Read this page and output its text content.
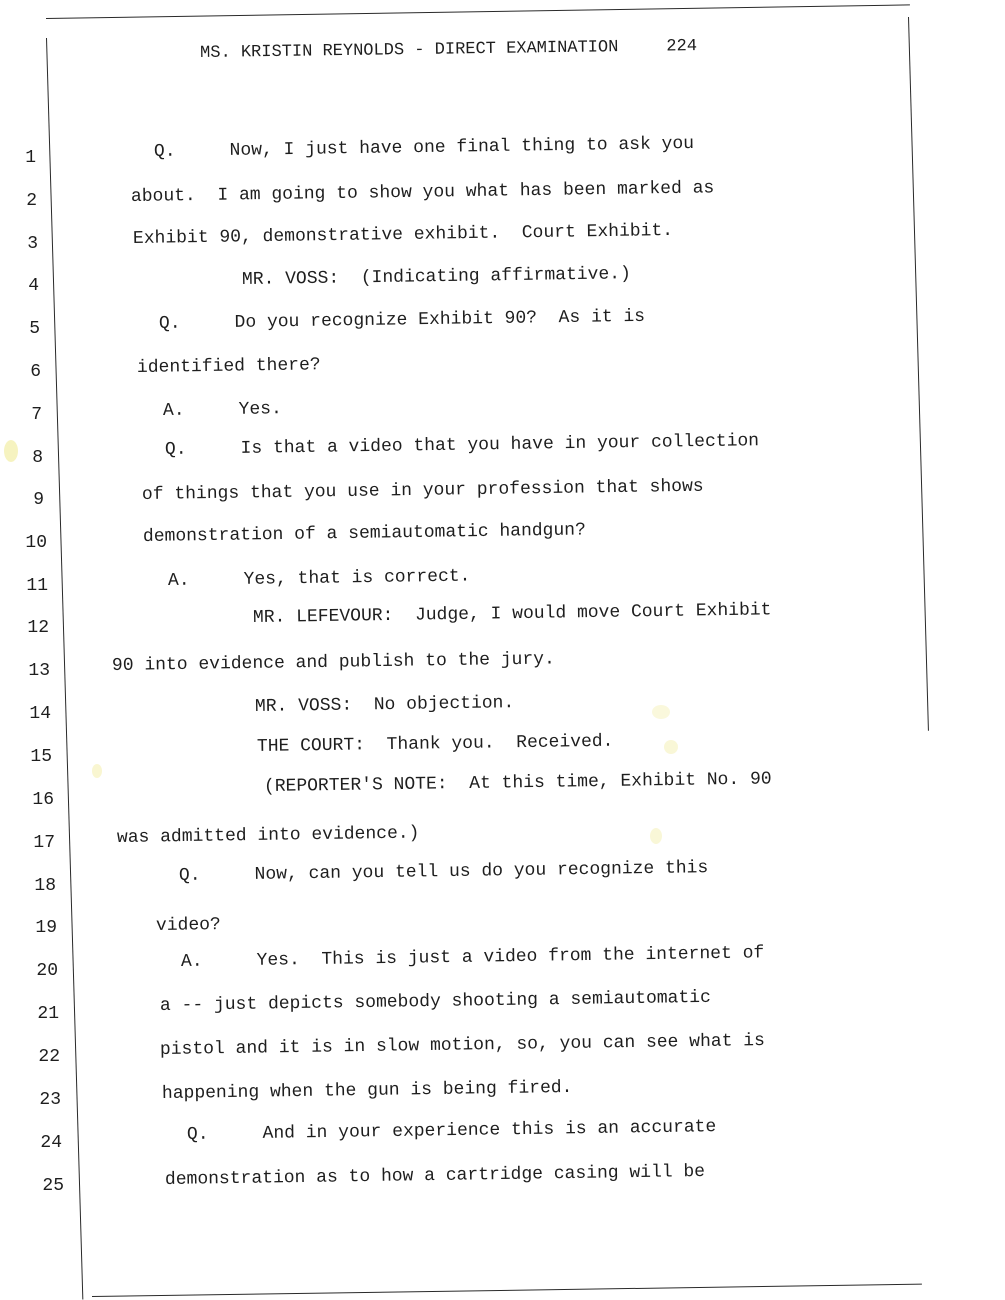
MS. KRISTIN REYNOLDS - DIRECT EXAMINATION	224
1	Q.     Now, I just have one final thing to ask you
2	about.  I am going to show you what has been marked as
3	Exhibit 90, demonstrative exhibit.  Court Exhibit.
4	MR. VOSS:  (Indicating affirmative.)
5	Q.     Do you recognize Exhibit 90?  As it is
6	identified there?
7	A.     Yes.
8	Q.     Is that a video that you have in your collection
9	of things that you use in your profession that shows
10	demonstration of a semiautomatic handgun?
11	A.     Yes, that is correct.
12
MR. LEFEVOUR:  Judge, I would move Court Exhibit
13	90 into evidence and publish to the jury.
14	MR. VOSS:  No objection.
15
THE COURT:  Thank you.  Received.
16
(REPORTER'S NOTE:  At this time, Exhibit No. 90
17	was admitted into evidence.)
18
Q.     Now, can you tell us do you recognize this
19	video?
20	A.     Yes.  This is just a video from the internet of
21	a -- just depicts somebody shooting a semiautomatic
22	pistol and it is in slow motion, so, you can see what is
23	happening when the gun is being fired.
24	Q.     And in your experience this is an accurate
25	demonstration as to how a cartridge casing will be
